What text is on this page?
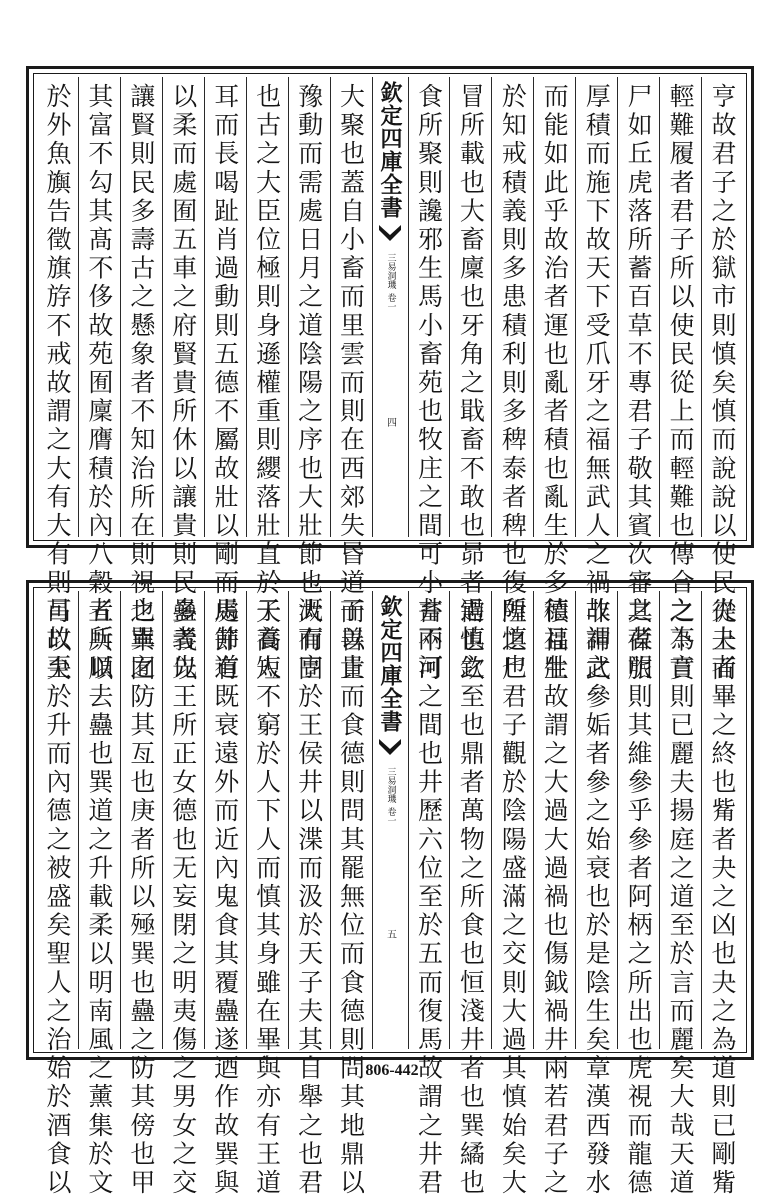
亨故君子之於獄市則慎矣慎而說說以使民從上而
輕難履者君子所以使民從上而輕難也傳合之下賁
尸如丘虎落所蓄百草不專君子敬其賓次審其葆旅
厚積而施下故天下受爪牙之福無武人之禍非神武
而能如此乎故治者運也亂者積也亂生於多積福生
於知戒積義則多患積利則多稗泰者稗也復隍之尸
冒所載也大畜廩也牙角之戢畜不敢也昴者需也欽
食所聚則讒邪生馬小畜苑也牧庄之間可小畜不可
欽定四庫全書
三易洞璣
卷一
四
大聚也蓋自小畜而里雲而則在西郊失昬道而善止
豫動而需處日月之道陰陽之序也大壯節也大有固
也古之大臣位極則身遜權重則纓落壯直於天高短
耳而長喝趾肖過動則五德不屬故壯以剛而處節有
以柔而處囿五車之府賢貴所休以讓貴則民多義以
讓賢則民多壽古之懸象者不知治所在則視之車囿
其富不勾其髙不侈故苑囿廩膺積於內八穀五兵順
於外魚旟告徵旗斿不戒故謂之大有大有則可以夬
夬夬者畢之終也觜者夬之凶也夬之為道則已剛觜
之為言則已麗夫揚庭之道至於言而麗矣大哉天道
之者明則其維參乎參者阿柄之所出也虎視而龍德
故謂之參姤者參之始衰也於是陰生矣章漢西發水
德且壯故謂之大過大過禍也傷鉞禍井兩若君子之
所慎也君子觀於陰陽盛滿之交則大過其慎始矣大
過慎之至也鼎者萬物之所食也恒淺井者也巽繘也
井兩河之間也井歷六位至於五而復馬故謂之井君
欽定四庫全書
三易洞璣
卷一
五
子以貴而食德則問其罷無位而食德則問其地鼎以
溉而亨於王侯井以渫而汲於天子夫其自舉之也君
子養人不窮於人下人而慎其身雖在畢與亦有王道
馬井道既衰遠外而近內鬼食其覆蠱遂迺作故巽與
蠱者先王所正女德也无妄閉之明夷傷之男女之交
也巽之防其亙也庚者所以殛巽也蠱之防其傍也甲
者所以去蠱也巽道之升載柔以明南風之薰集於文
昌故至於升而內德之被盛矣聖人之治始於酒食以	806-442
